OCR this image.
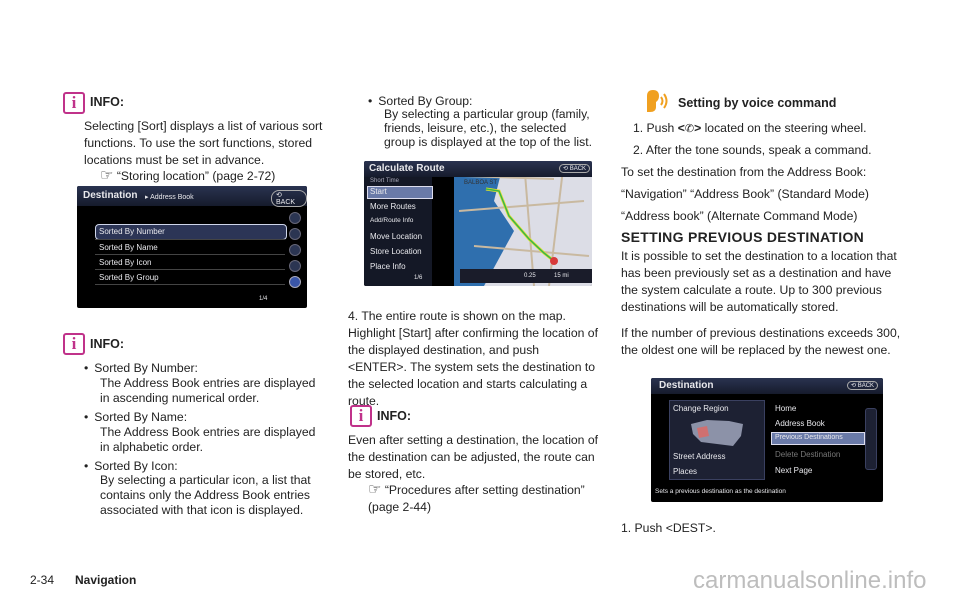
i	INFO:

Selecting [Sort] displays a list of various sort functions. To use the sort functions, stored locations must be set in advance.

☞ “Storing location” (page 2-72)
Destination ▸ Address Book	⟲ BACK
Sorted By Number
Sorted By Name
Sorted By Icon
Sorted By Group
1/4
i	INFO:
• Sorted By Number:

The Address Book entries are displayed in ascending numerical order.

• Sorted By Name:

The Address Book entries are displayed in alphabetic order.

• Sorted By Icon:

By selecting a particular icon, a list that contains only the Address Book entries associated with that icon is displayed.

• Sorted By Group:

By selecting a particular group (family, friends, leisure, etc.), the selected group is displayed at the top of the list.

Calculate Route	⟲ BACK
BALBOA ST
Short Time
Start
More Routes
Add/Route Info
Move Location
Store Location
Place Info
1/6	0.25	15 mi

4. The entire route is shown on the map. Highlight [Start] after confirming the location of the displayed destination, and push <ENTER>. The system sets the destination to the selected location and starts calculating a route.

i	INFO:

Even after setting a destination, the location of the destination can be adjusted, the route can be stored, etc.

☞ “Procedures after setting destination” (page 2-44)
Setting by voice command
1. Push <✆> located on the steering wheel.
2. After the tone sounds, speak a command.
To set the destination from the Address Book:
“Navigation” “Address Book” (Standard Mode)
“Address book” (Alternate Command Mode)
SETTING PREVIOUS DESTINATION

It is possible to set the destination to a location that has been previously set as a destination and have the system calculate a route. Up to 300 previous destinations will be automatically stored.

If the number of previous destinations exceeds 300, the oldest one will be replaced by the newest one.

Destination	⟲ BACK
Change Region
Street Address
Places
Home
Address Book
Previous Destinations
Delete Destination
Next Page
Sets a previous destination as the destination
1. Push <DEST>.
2-34 Navigation	carmanualsonline.info
